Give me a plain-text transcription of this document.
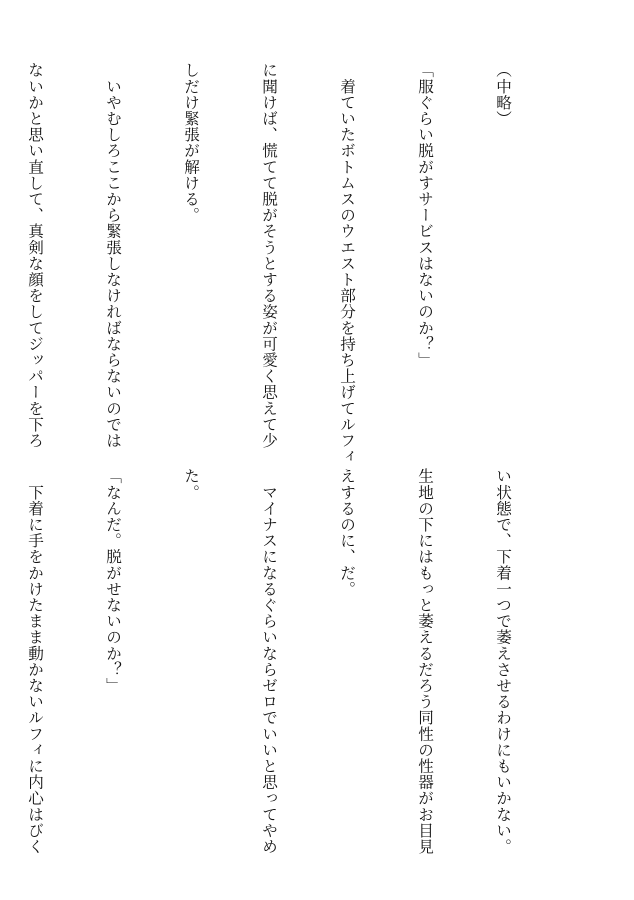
（中略）

「服ぐらい脱がすサービスはないのか？」

　着ていたボトムスのウエスト部分を持ち上げてルフィ

に聞けば、慌てて脱がそうとする姿が可愛く思えて少

しだけ緊張が解ける。

　いやむしろここから緊張しなければならないのでは

ないかと思い直して、真剣な顔をしてジッパーを下ろ

い状態で、下着一つで萎えさせるわけにもいかない。

生地の下にはもっと萎えるだろう同性の性器がお目見

えするのに、だ。

　マイナスになるぐらいならゼロでいいと思ってやめ

た。

「なんだ。脱がせないのか？」

　下着に手をかけたまま動かないルフィに内心はびく
